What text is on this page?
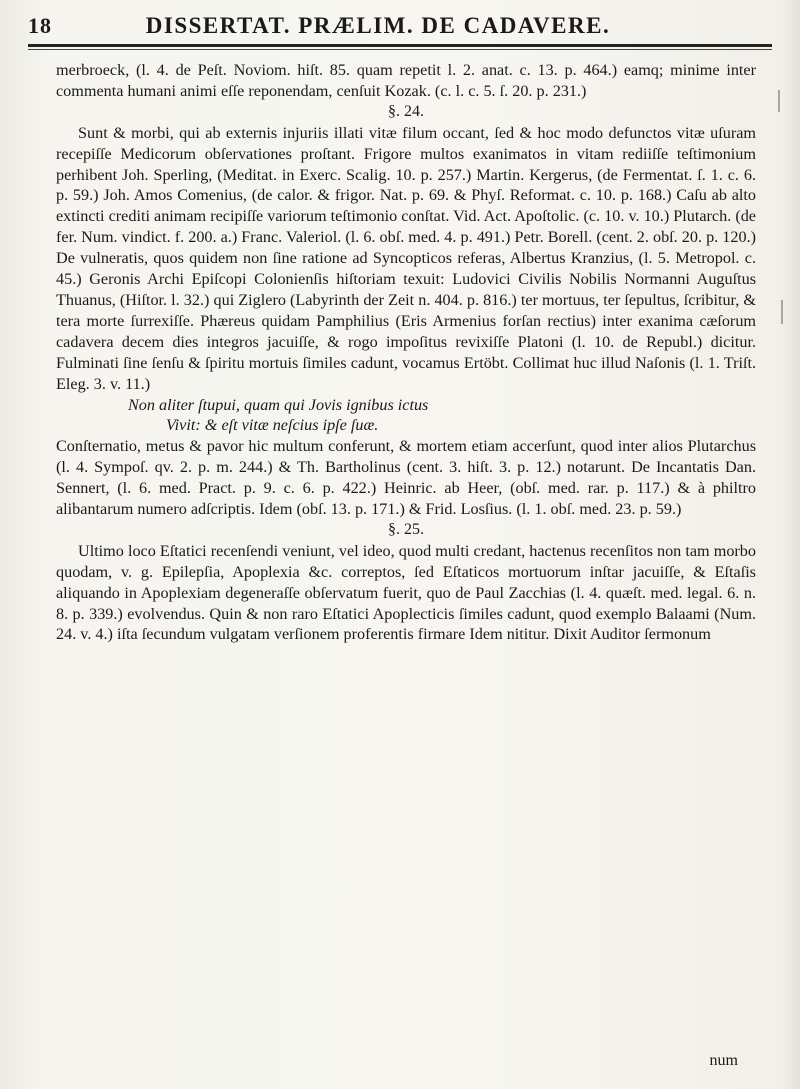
18	DISSERTAT. PRÆLIM. DE CADAVERE.

merbroeck, (l. 4. de Peſt. Noviom. hiſt. 85. quam repetit l. 2. anat. c. 13. p. 464.) eamq; minime inter commenta humani animi eſſe reponendam, cenſuit Kozak. (c. l. c. 5. ſ. 20. p. 231.)

§. 24.

Sunt & morbi, qui ab externis injuriis illati vitæ filum occant, ſed & hoc modo defunctos vitæ uſuram recepiſſe Medicorum obſervationes proſtant. Frigore multos exanimatos in vitam rediiſſe teſtimonium perhibent Joh. Sperling, (Meditat. in Exerc. Scalig. 10. p. 257.) Martin. Kergerus, (de Fermentat. ſ. 1. c. 6. p. 59.) Joh. Amos Comenius, (de calor. & frigor. Nat. p. 69. & Phyſ. Reformat. c. 10. p. 168.) Caſu ab alto extincti crediti animam recipiſſe variorum teſtimonio conſtat. Vid. Act. Apoſtolic. (c. 10. v. 10.) Plutarch. (de fer. Num. vindict. f. 200. a.) Franc. Valeriol. (l. 6. obſ. med. 4. p. 491.) Petr. Borell. (cent. 2. obſ. 20. p. 120.) De vulneratis, quos quidem non ſine ratione ad Syncopticos referas, Albertus Kranzius, (l. 5. Metropol. c. 45.) Geronis Archi Epiſcopi Colonienſis hiſtoriam texuit: Ludovici Civilis Nobilis Normanni Auguſtus Thuanus, (Hiſtor. l. 32.) qui Ziglero (Labyrinth der Zeit n. 404. p. 816.) ter mortuus, ter ſepultus, ſcribitur, & tera morte ſurrexiſſe. Phæreus quidam Pamphilius (Eris Armenius forſan rectius) inter exanima cæſorum cadavera decem dies integros jacuiſſe, & rogo impoſitus revixiſſe Platoni (l. 10. de Republ.) dicitur. Fulminati ſine ſenſu & ſpiritu mortuis ſimiles cadunt, vocamus Ertöbt. Collimat huc illud Naſonis (l. 1. Triſt. Eleg. 3. v. 11.)

Non aliter ſtupui, quam qui Jovis ignibus ictus

Vivit: & eſt vitæ neſcius ipſe ſuæ.

Conſternatio, metus & pavor hic multum conferunt, & mortem etiam accerſunt, quod inter alios Plutarchus (l. 4. Sympoſ. qv. 2. p. m. 244.) & Th. Bartholinus (cent. 3. hiſt. 3. p. 12.) notarunt. De Incantatis Dan. Sennert, (l. 6. med. Pract. p. 9. c. 6. p. 422.) Heinric. ab Heer, (obſ. med. rar. p. 117.) & à philtro alibantarum numero adſcriptis. Idem (obſ. 13. p. 171.) & Frid. Losſius. (l. 1. obſ. med. 23. p. 59.)

§. 25.

Ultimo loco Eſtatici recenſendi veniunt, vel ideo, quod multi credant, hactenus recenſitos non tam morbo quodam, v. g. Epilepſia, Apoplexia &c. correptos, ſed Eſtaticos mortuorum inſtar jacuiſſe, & Eſtaſis aliquando in Apoplexiam degeneraſſe obſervatum fuerit, quo de Paul Zacchias (l. 4. quæſt. med. legal. 6. n. 8. p. 339.) evolvendus. Quin & non raro Eſtatici Apoplecticis ſimiles cadunt, quod exemplo Balaami (Num. 24. v. 4.) iſta ſecundum vulgatam verſionem proferentis firmare Idem nititur. Dixit Auditor ſermonum

num
